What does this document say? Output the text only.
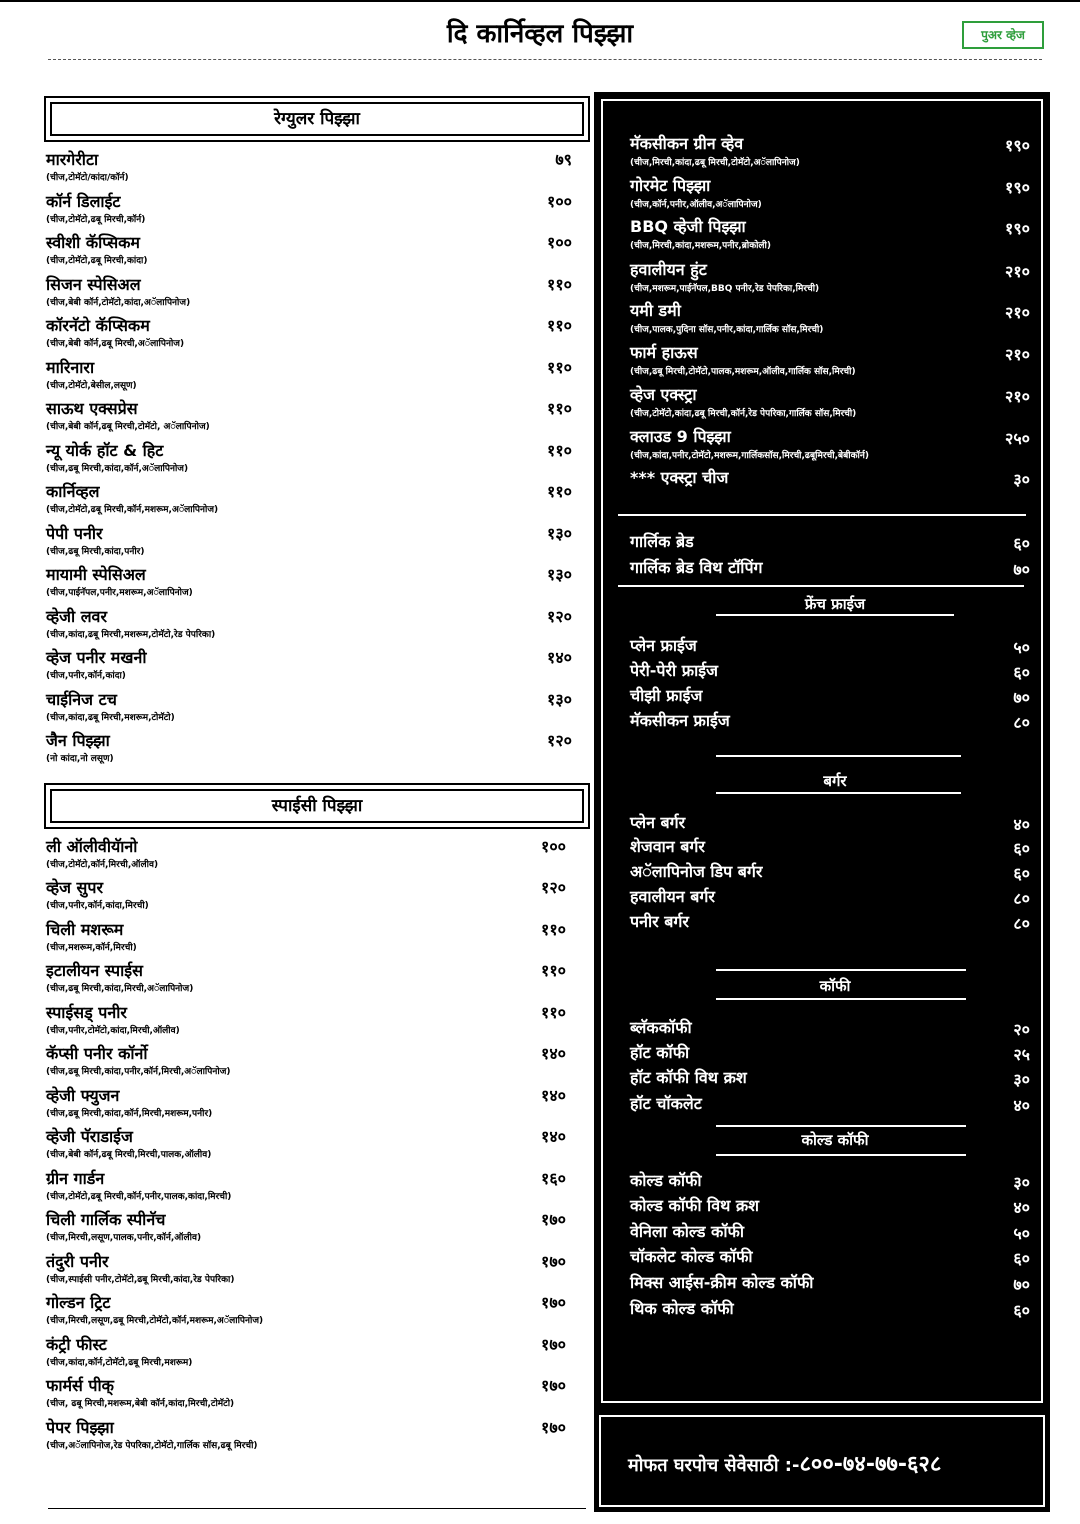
दि कार्निव्हल पिझ्झा	पुअर व्हेज
रेग्युलर पिझ्झा
मारगेरीटा	७९
(चीज,टोमॅटो/कांदा/कॉर्न)
कॉर्न डिलाईट	१००
(चीज,टोमॅटो,ढबू मिरची,कॉर्न)
स्वीशी कॅप्सिकम	१००
(चीज,टोमॅटो,ढबू मिरची,कांदा)
सिजन स्पेसिअल	११०
(चीज,बेबी कॉर्न,टोमॅटो,कांदा,अॅलापिनोज)
कॉरनॅटो कॅप्सिकम	११०
(चीज,बेबी कॉर्न,ढबू मिरची,अॅलापिनोज)
मारिनारा	११०
(चीज,टोमॅटो,बेसील,लसूण)
साऊथ एक्सप्रेस	११०
(चीज,बेबी कॉर्न,ढबू मिरची,टोमॅटो, अॅलापिनोज)
न्यू योर्क हॉट & हिट	११०
(चीज,ढबू मिरची,कांदा,कॉर्न,अॅलापिनोज)
कार्निव्हल	११०
(चीज,टोमॅटो,ढबू मिरची,कॉर्न,मशरूम,अॅलापिनोज)
पेपी पनीर	१३०
(चीज,ढबू मिरची,कांदा,पनीर)
मायामी स्पेसिअल	१३०
(चीज,पाईनॅपल,पनीर,मशरूम,अॅलापिनोज)
व्हेजी लवर	१२०
(चीज,कांदा,ढबू मिरची,मशरूम,टोमॅटो,रेड पेपरिका)
व्हेज पनीर मखनी	१४०
(चीज,पनीर,कॉर्न,कांदा)
चाईनिज टच	१३०
(चीज,कांदा,ढबू मिरची,मशरूम,टोमॅटो)
जैन पिझ्झा	१२०
(नो कांदा,नो लसूण)
स्पाईसी पिझ्झा
ली ऑलीवीयॅानो	१००
(चीज,टोमॅटो,कॉर्न,मिरची,ऑलीव)
व्हेज सुपर	१२०
(चीज,पनीर,कॉर्न,कांदा,मिरची)
चिली मशरूम	११०
(चीज,मशरूम,कॉर्न,मिरची)
इटालीयन स्पाईस	११०
(चीज,ढबू मिरची,कांदा,मिरची,अॅलापिनोज)
स्पाईसड् पनीर	११०
(चीज,पनीर,टोमॅटो,कांदा,मिरची,ऑलीव)
कॅप्सी पनीर कॉर्नो	१४०
(चीज,ढबू मिरची,कांदा,पनीर,कॉर्न,मिरची,अॅलापिनोज)
व्हेजी फ्युजन	१४०
(चीज,ढबू मिरची,कांदा,कॉर्न,मिरची,मशरूम,पनीर)
व्हेजी पॅराडाईज	१४०
(चीज,बेबी कॉर्न,ढबू मिरची,मिरची,पालक,ऑलीव)
ग्रीन गार्डन	१६०
(चीज,टोमॅटो,ढबू मिरची,कॉर्न,पनीर,पालक,कांदा,मिरची)
चिली गार्लिक स्पीनॅच	१७०
(चीज,मिरची,लसूण,पालक,पनीर,कॉर्न,ऑलीव)
तंदुरी पनीर	१७०
(चीज,स्पाईसी पनीर,टोमॅटो,ढबू मिरची,कांदा,रेड पेपरिका)
गोल्डन ट्रिट	१७०
(चीज,मिरची,लसूण,ढबू मिरची,टोमॅटो,कॉर्न,मशरूम,अॅलापिनोज)
कंट्री फीस्ट	१७०
(चीज,कांदा,कॉर्न,टोमॅटो,ढबू मिरची,मशरूम)
फार्मर्स पीक्	१७०
(चीज, ढबू मिरची,मशरूम,बेबी कॉर्न,कांदा,मिरची,टोमॅटो)
पेपर पिझ्झा	१७०
(चीज,अॅलापिनोज,रेड पेपरिका,टोमॅटो,गार्लिक सॉस,ढबू मिरची)
मॅकसीकन ग्रीन व्हेव	१९०
(चीज,मिरची,कांदा,ढबू मिरची,टोमॅटो,अॅलापिनोज)
गोरमेट पिझ्झा	१९०
(चीज,कॉर्न,पनीर,ऑलीव,अॅलापिनोज)
BBQ व्हेजी पिझ्झा	१९०
(चीज,मिरची,कांदा,मशरूम,पनीर,ब्रोकोली)
हवालीयन हुंट	२१०
(चीज,मशरूम,पाईनॅपल,BBQ पनीर,रेड पेपरिका,मिरची)
यमी डमी	२१०
(चीज,पालक,पुदिना सॉस,पनीर,कांदा,गार्लिक सॉस,मिरची)
फार्म हाऊस	२१०
(चीज,ढबू मिरची,टोमॅटो,पालक,मशरूम,ऑलीव,गार्लिक सॉस,मिरची)
व्हेज एक्स्ट्रा	२१०
(चीज,टोमॅटो,कांदा,ढबू मिरची,कॉर्न,रेड पेपरिका,गार्लिक सॉस,मिरची)
क्लाउड 9 पिझ्झा	२५०
(चीज,कांदा,पनीर,टोमॅटो,मशरूम,गार्लिकसॉस,मिरची,ढबूमिरची,बेबीकॉर्न)
*** एक्स्ट्रा चीज	३०
गार्लिक ब्रेड	६०
गार्लिक ब्रेड विथ टॉपिंग	७०
फ्रेंच फ्राईज
प्लेन फ्राईज	५०
पेरी-पेरी फ्राईज	६०
चीझी फ्राईज	७०
मॅकसीकन फ्राईज	८०
बर्गर
प्लेन बर्गर	४०
शेजवान बर्गर	६०
अॅलापिनोज डिप बर्गर	६०
हवालीयन बर्गर	८०
पनीर बर्गर	८०
कॉफी
ब्लॅककॉफी	२०
हॉट कॉफी	२५
हॉट कॉफी विथ क्रश	३०
हॉट चॉकलेट	४०
कोल्ड कॉफी
कोल्ड कॉफी	३०
कोल्ड कॉफी विथ क्रश	४०
वेनिला कोल्ड कॉफी	५०
चॉकलेट कोल्ड कॉफी	६०
मिक्स आईस-क्रीम कोल्ड कॉफी	७०
थिक कोल्ड कॉफी	६०
मोफत घरपोच सेवेसाठी :-८००-७४-७७-६२८
